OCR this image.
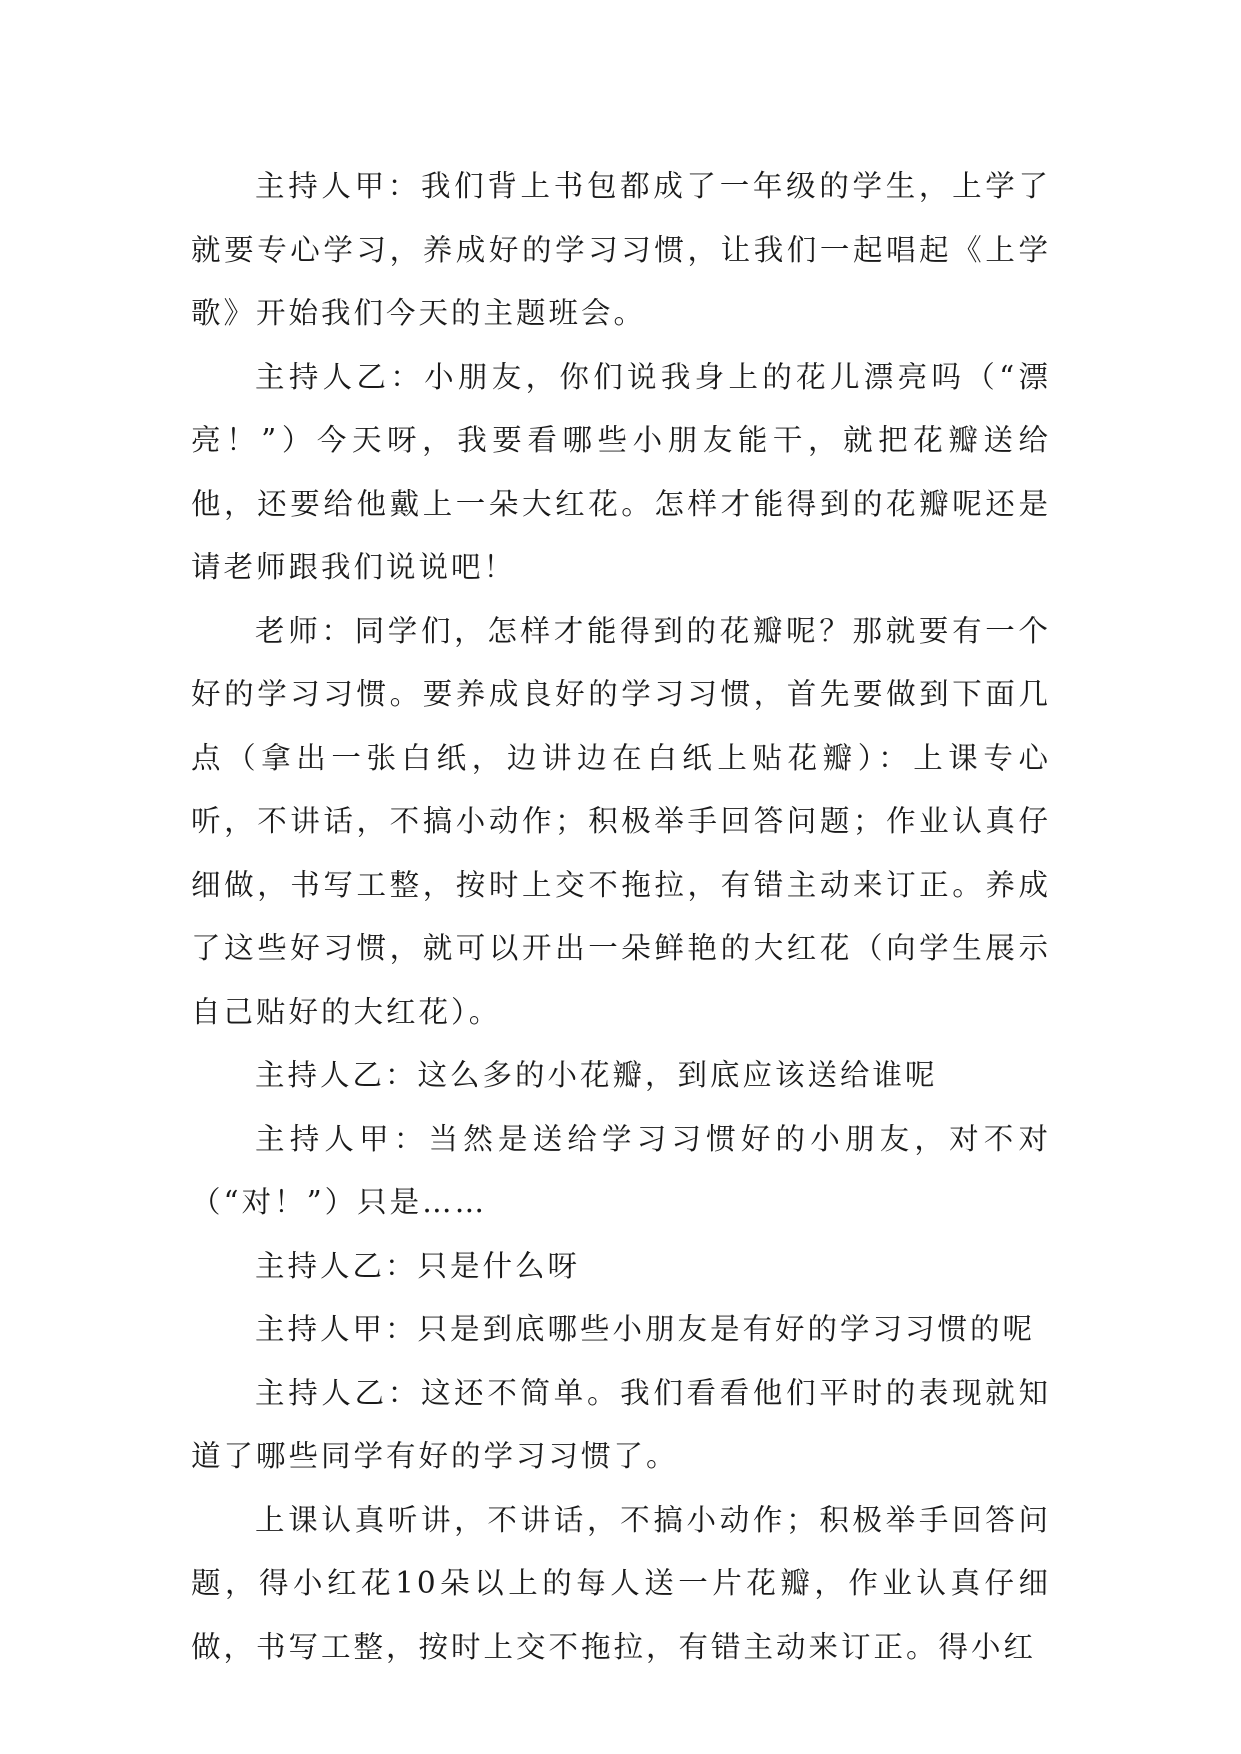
主持人甲：我们背上书包都成了一年级的学生，上学了就要专心学习，养成好的学习习惯，让我们一起唱起《上学歌》开始我们今天的主题班会。

主持人乙：小朋友，你们说我身上的花儿漂亮吗（“漂亮！”）今天呀，我要看哪些小朋友能干，就把花瓣送给他，还要给他戴上一朵大红花。怎样才能得到的花瓣呢还是请老师跟我们说说吧！

老师：同学们，怎样才能得到的花瓣呢？那就要有一个好的学习习惯。要养成良好的学习习惯，首先要做到下面几点（拿出一张白纸，边讲边在白纸上贴花瓣）：上课专心听，不讲话，不搞小动作；积极举手回答问题；作业认真仔细做，书写工整，按时上交不拖拉，有错主动来订正。养成了这些好习惯，就可以开出一朵鲜艳的大红花（向学生展示自己贴好的大红花）。

主持人乙：这么多的小花瓣，到底应该送给谁呢

主持人甲：当然是送给学习习惯好的小朋友，对不对（“对！”）只是……

主持人乙：只是什么呀

主持人甲：只是到底哪些小朋友是有好的学习习惯的呢

主持人乙：这还不简单。我们看看他们平时的表现就知道了哪些同学有好的学习习惯了。

上课认真听讲，不讲话，不搞小动作；积极举手回答问题，得小红花10朵以上的每人送一片花瓣，作业认真仔细做，书写工整，按时上交不拖拉，有错主动来订正。得小红
